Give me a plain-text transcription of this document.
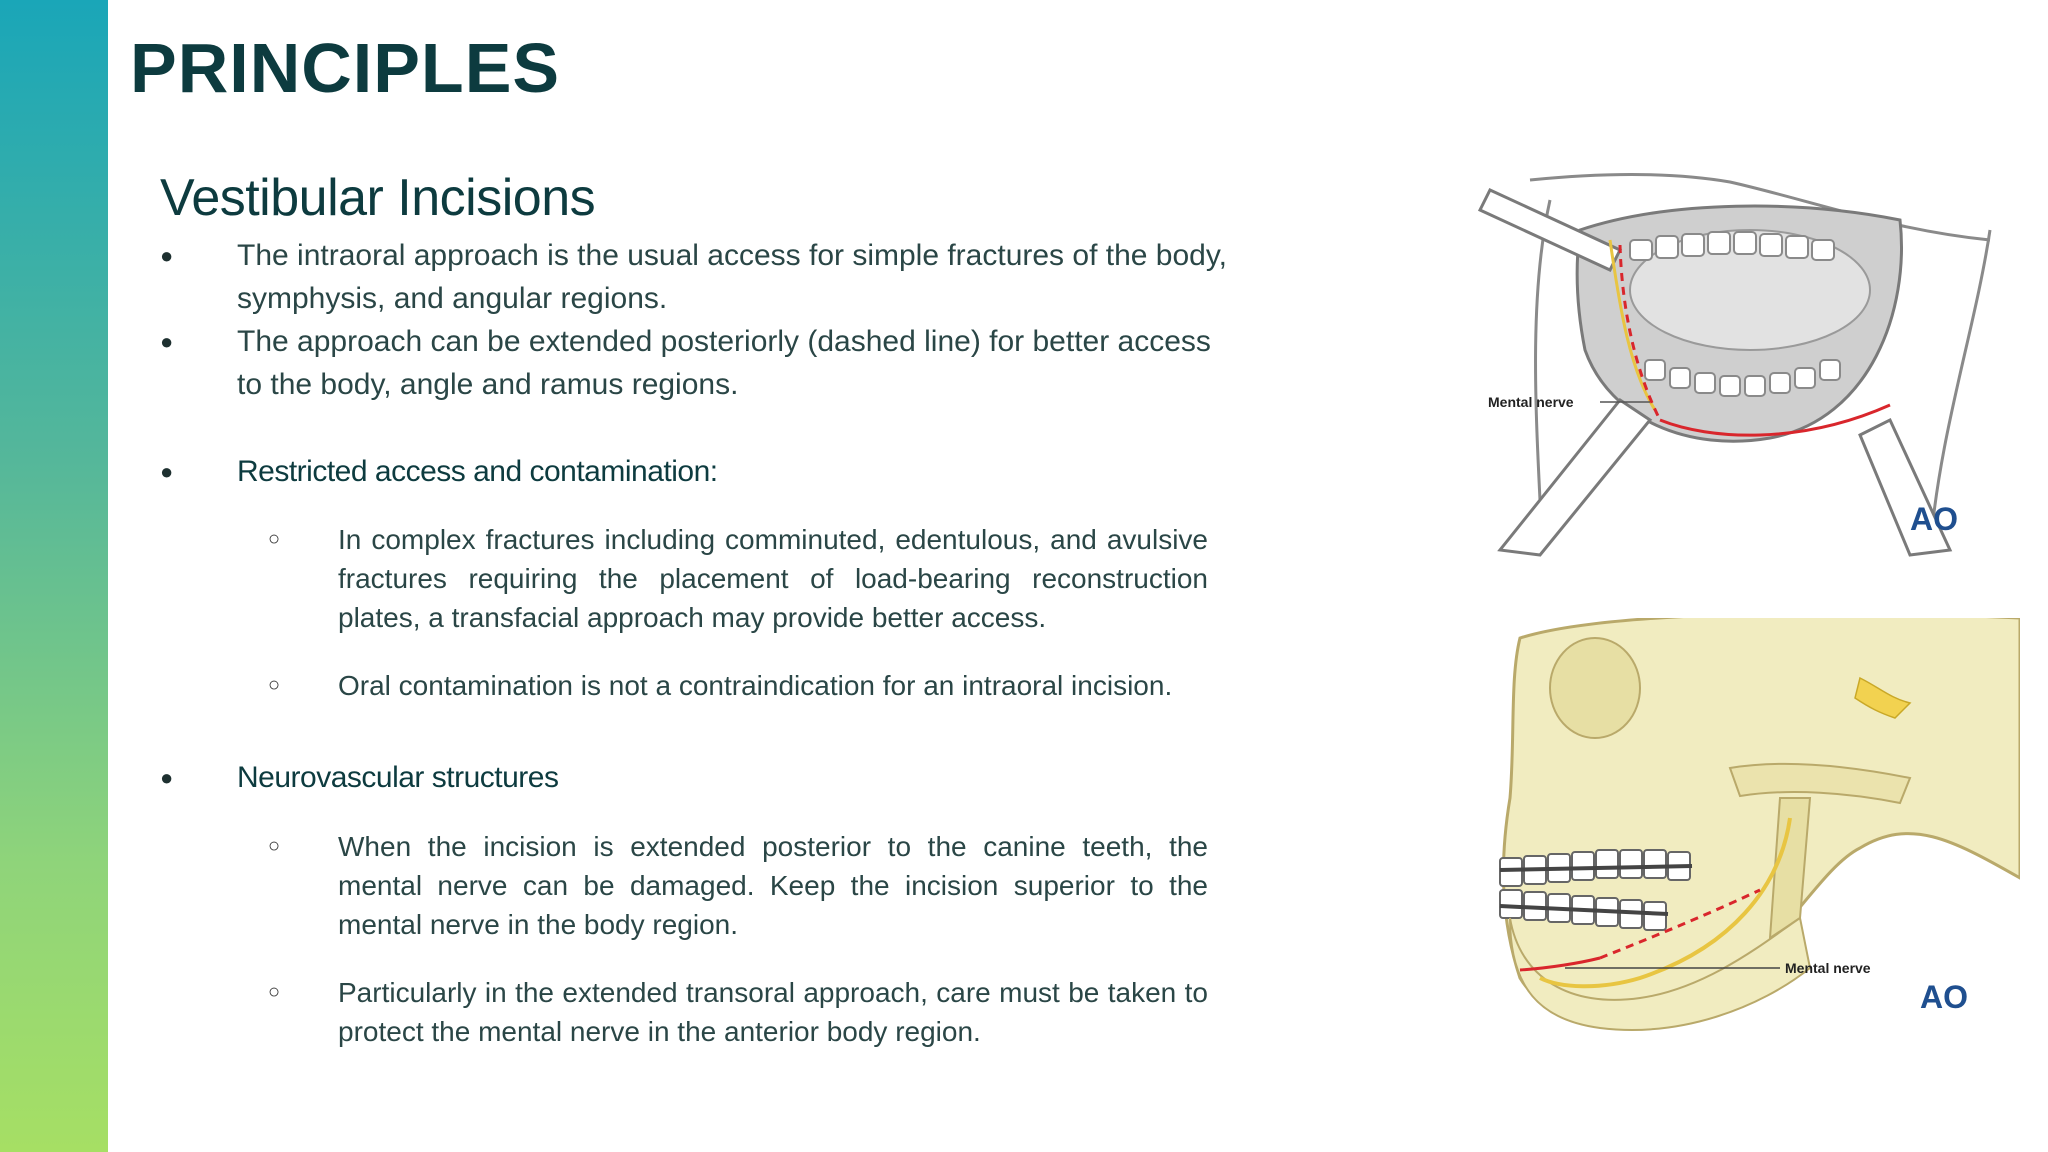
PRINCIPLES
Vestibular Incisions
● The intraoral approach is the usual access for simple fractures of the body, symphysis, and angular regions.
● The approach can be extended posteriorly (dashed line) for better access to the body, angle and ramus regions.
● Restricted access and contamination:
○ In complex fractures including comminuted, edentulous, and avulsive fractures requiring the placement of load-bearing reconstruction plates, a transfacial approach may provide better access.
○ Oral contamination is not a contraindication for an intraoral incision.
● Neurovascular structures
○ When the incision is extended posterior to the canine teeth, the mental nerve can be damaged. Keep the incision superior to the mental nerve in the body region.
○ Particularly in the extended transoral approach, care must be taken to protect the mental nerve in the anterior body region.
Mental nerve
AO
Mental nerve
AO
